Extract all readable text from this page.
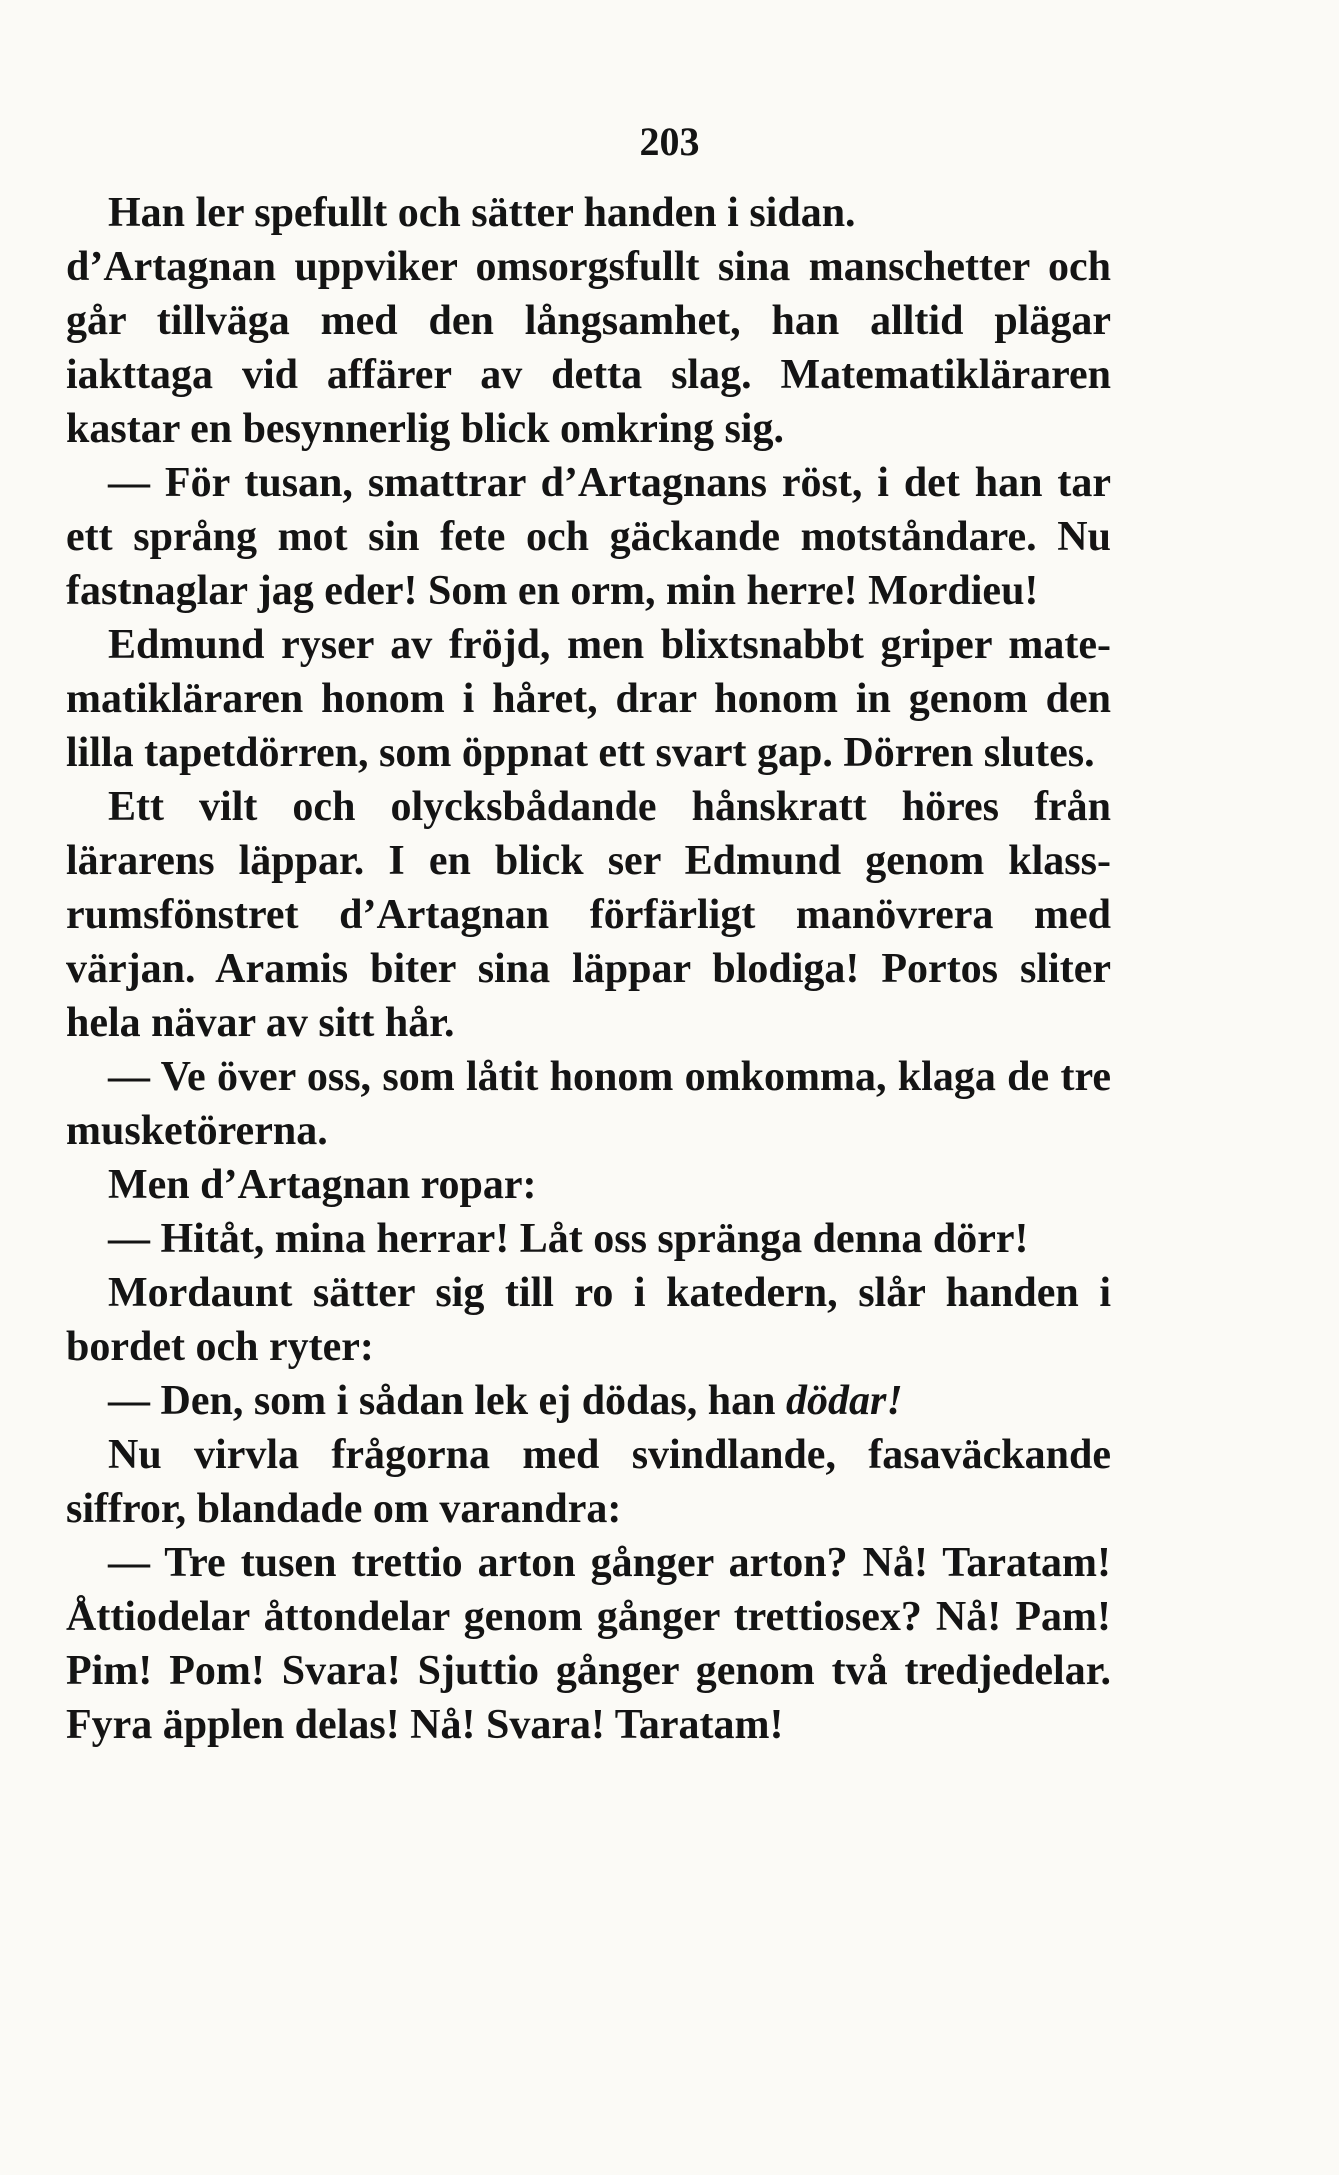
203

Han ler spefullt och sätter handen i sidan.

d’Artagnan uppviker omsorgsfullt sina manschetter och går tillväga med den långsamhet, han alltid plägar iakttaga vid affärer av detta slag. Matematikläraren kastar en besynnerlig blick omkring sig.

— För tusan, smattrar d’Artagnans röst, i det han tar ett språng mot sin fete och gäckande motståndare. Nu fastnaglar jag eder! Som en orm, min herre! Mordieu!

Edmund ryser av fröjd, men blixtsnabbt griper matematikläraren honom i håret, drar honom in genom den lilla tapetdörren, som öppnat ett svart gap. Dörren slutes.

Ett vilt och olycksbådande hånskratt höres från lärarens läppar. I en blick ser Edmund genom klassrumsfönstret d’Artagnan förfärligt manövrera med värjan. Aramis biter sina läppar blodiga! Portos sliter hela nävar av sitt hår.

— Ve över oss, som låtit honom omkomma, klaga de tre musketörerna.

Men d’Artagnan ropar:

— Hitåt, mina herrar! Låt oss spränga denna dörr!

Mordaunt sätter sig till ro i katedern, slår handen i bordet och ryter:

— Den, som i sådan lek ej dödas, han dödar!

Nu virvla frågorna med svindlande, fasaväckande siffror, blandade om varandra:

— Tre tusen trettio arton gånger arton? Nå! Taratam! Åttiodelar åttondelar genom gånger trettiosex? Nå! Pam! Pim! Pom! Svara! Sjuttio gånger genom två tredjedelar. Fyra äpplen delas! Nå! Svara! Taratam!
